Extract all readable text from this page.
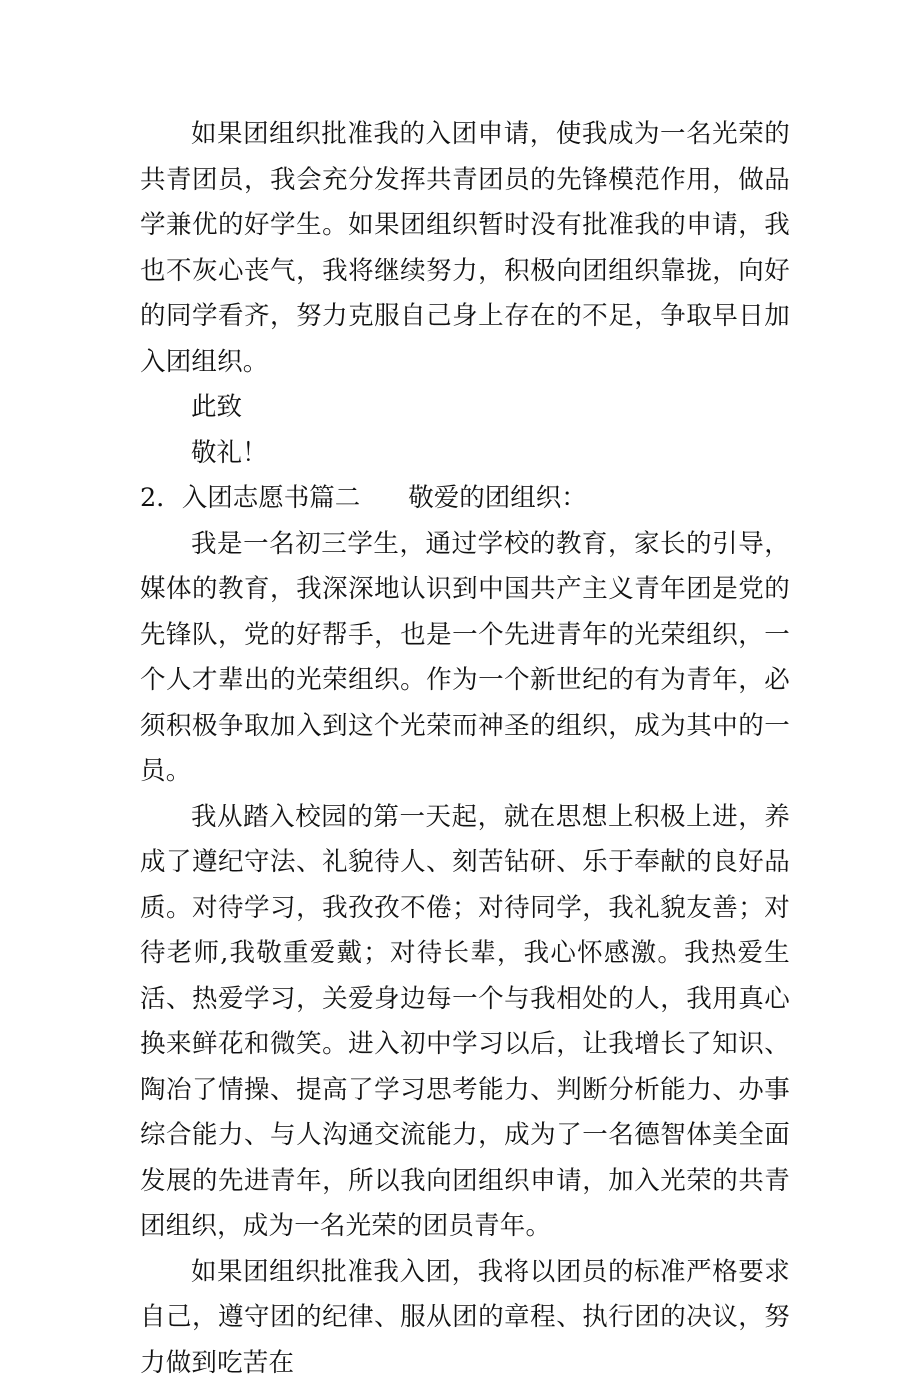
如果团组织批准我的入团申请，使我成为一名光荣的共青团员，我会充分发挥共青团员的先锋模范作用，做品学兼优的好学生。如果团组织暂时没有批准我的申请，我也不灰心丧气，我将继续努力，积极向团组织靠拢，向好的同学看齐，努力克服自己身上存在的不足，争取早日加入团组织。

此致

敬礼！

2．入团志愿书篇二 敬爱的团组织：

我是一名初三学生，通过学校的教育，家长的引导，媒体的教育，我深深地认识到中国共产主义青年团是党的先锋队，党的好帮手，也是一个先进青年的光荣组织，一个人才辈出的光荣组织。作为一个新世纪的有为青年，必须积极争取加入到这个光荣而神圣的组织，成为其中的一员。

我从踏入校园的第一天起，就在思想上积极上进，养成了遵纪守法、礼貌待人、刻苦钻研、乐于奉献的良好品质。对待学习，我孜孜不倦；对待同学，我礼貌友善；对待老师,我敬重爱戴；对待长辈，我心怀感激。我热爱生活、热爱学习，关爱身边每一个与我相处的人，我用真心换来鲜花和微笑。进入初中学习以后，让我增长了知识、陶冶了情操、提高了学习思考能力、判断分析能力、办事综合能力、与人沟通交流能力，成为了一名德智体美全面发展的先进青年，所以我向团组织申请，加入光荣的共青团组织，成为一名光荣的团员青年。

如果团组织批准我入团，我将以团员的标准严格要求自己，遵守团的纪律、服从团的章程、执行团的决议，努力做到吃苦在
